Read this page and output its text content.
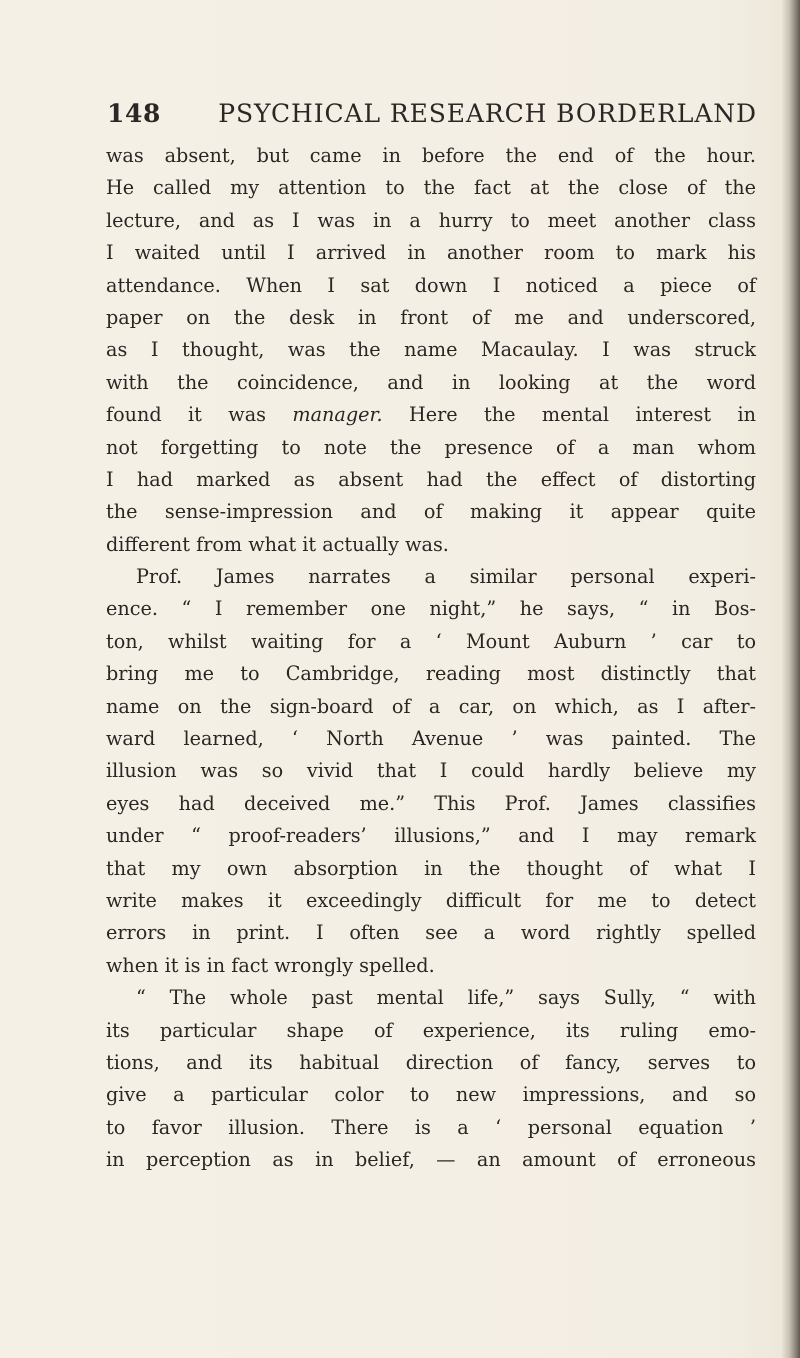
148 PSYCHICAL RESEARCH BORDERLAND
was absent, but came in before the end of the hour.
He called my attention to the fact at the close of the
lecture, and as I was in a hurry to meet another class
I waited until I arrived in another room to mark his
attendance. When I sat down I noticed a piece of
paper on the desk in front of me and underscored,
as I thought, was the name Macaulay. I was struck
with the coincidence, and in looking at the word
found it was manager. Here the mental interest in
not forgetting to note the presence of a man whom
I had marked as absent had the effect of distorting
the sense-impression and of making it appear quite
different from what it actually was.
Prof. James narrates a similar personal experi-
ence. “ I remember one night,” he says, “ in Bos-
ton, whilst waiting for a ‘ Mount Auburn ’ car to
bring me to Cambridge, reading most distinctly that
name on the sign-board of a car, on which, as I after-
ward learned, ‘ North Avenue ’ was painted. The
illusion was so vivid that I could hardly believe my
eyes had deceived me.” This Prof. James classifies
under “ proof-readers’ illusions,” and I may remark
that my own absorption in the thought of what I
write makes it exceedingly difficult for me to detect
errors in print. I often see a word rightly spelled
when it is in fact wrongly spelled.
“ The whole past mental life,” says Sully, “ with
its particular shape of experience, its ruling emo-
tions, and its habitual direction of fancy, serves to
give a particular color to new impressions, and so
to favor illusion. There is a ‘ personal equation ’
in perception as in belief, — an amount of erroneous
